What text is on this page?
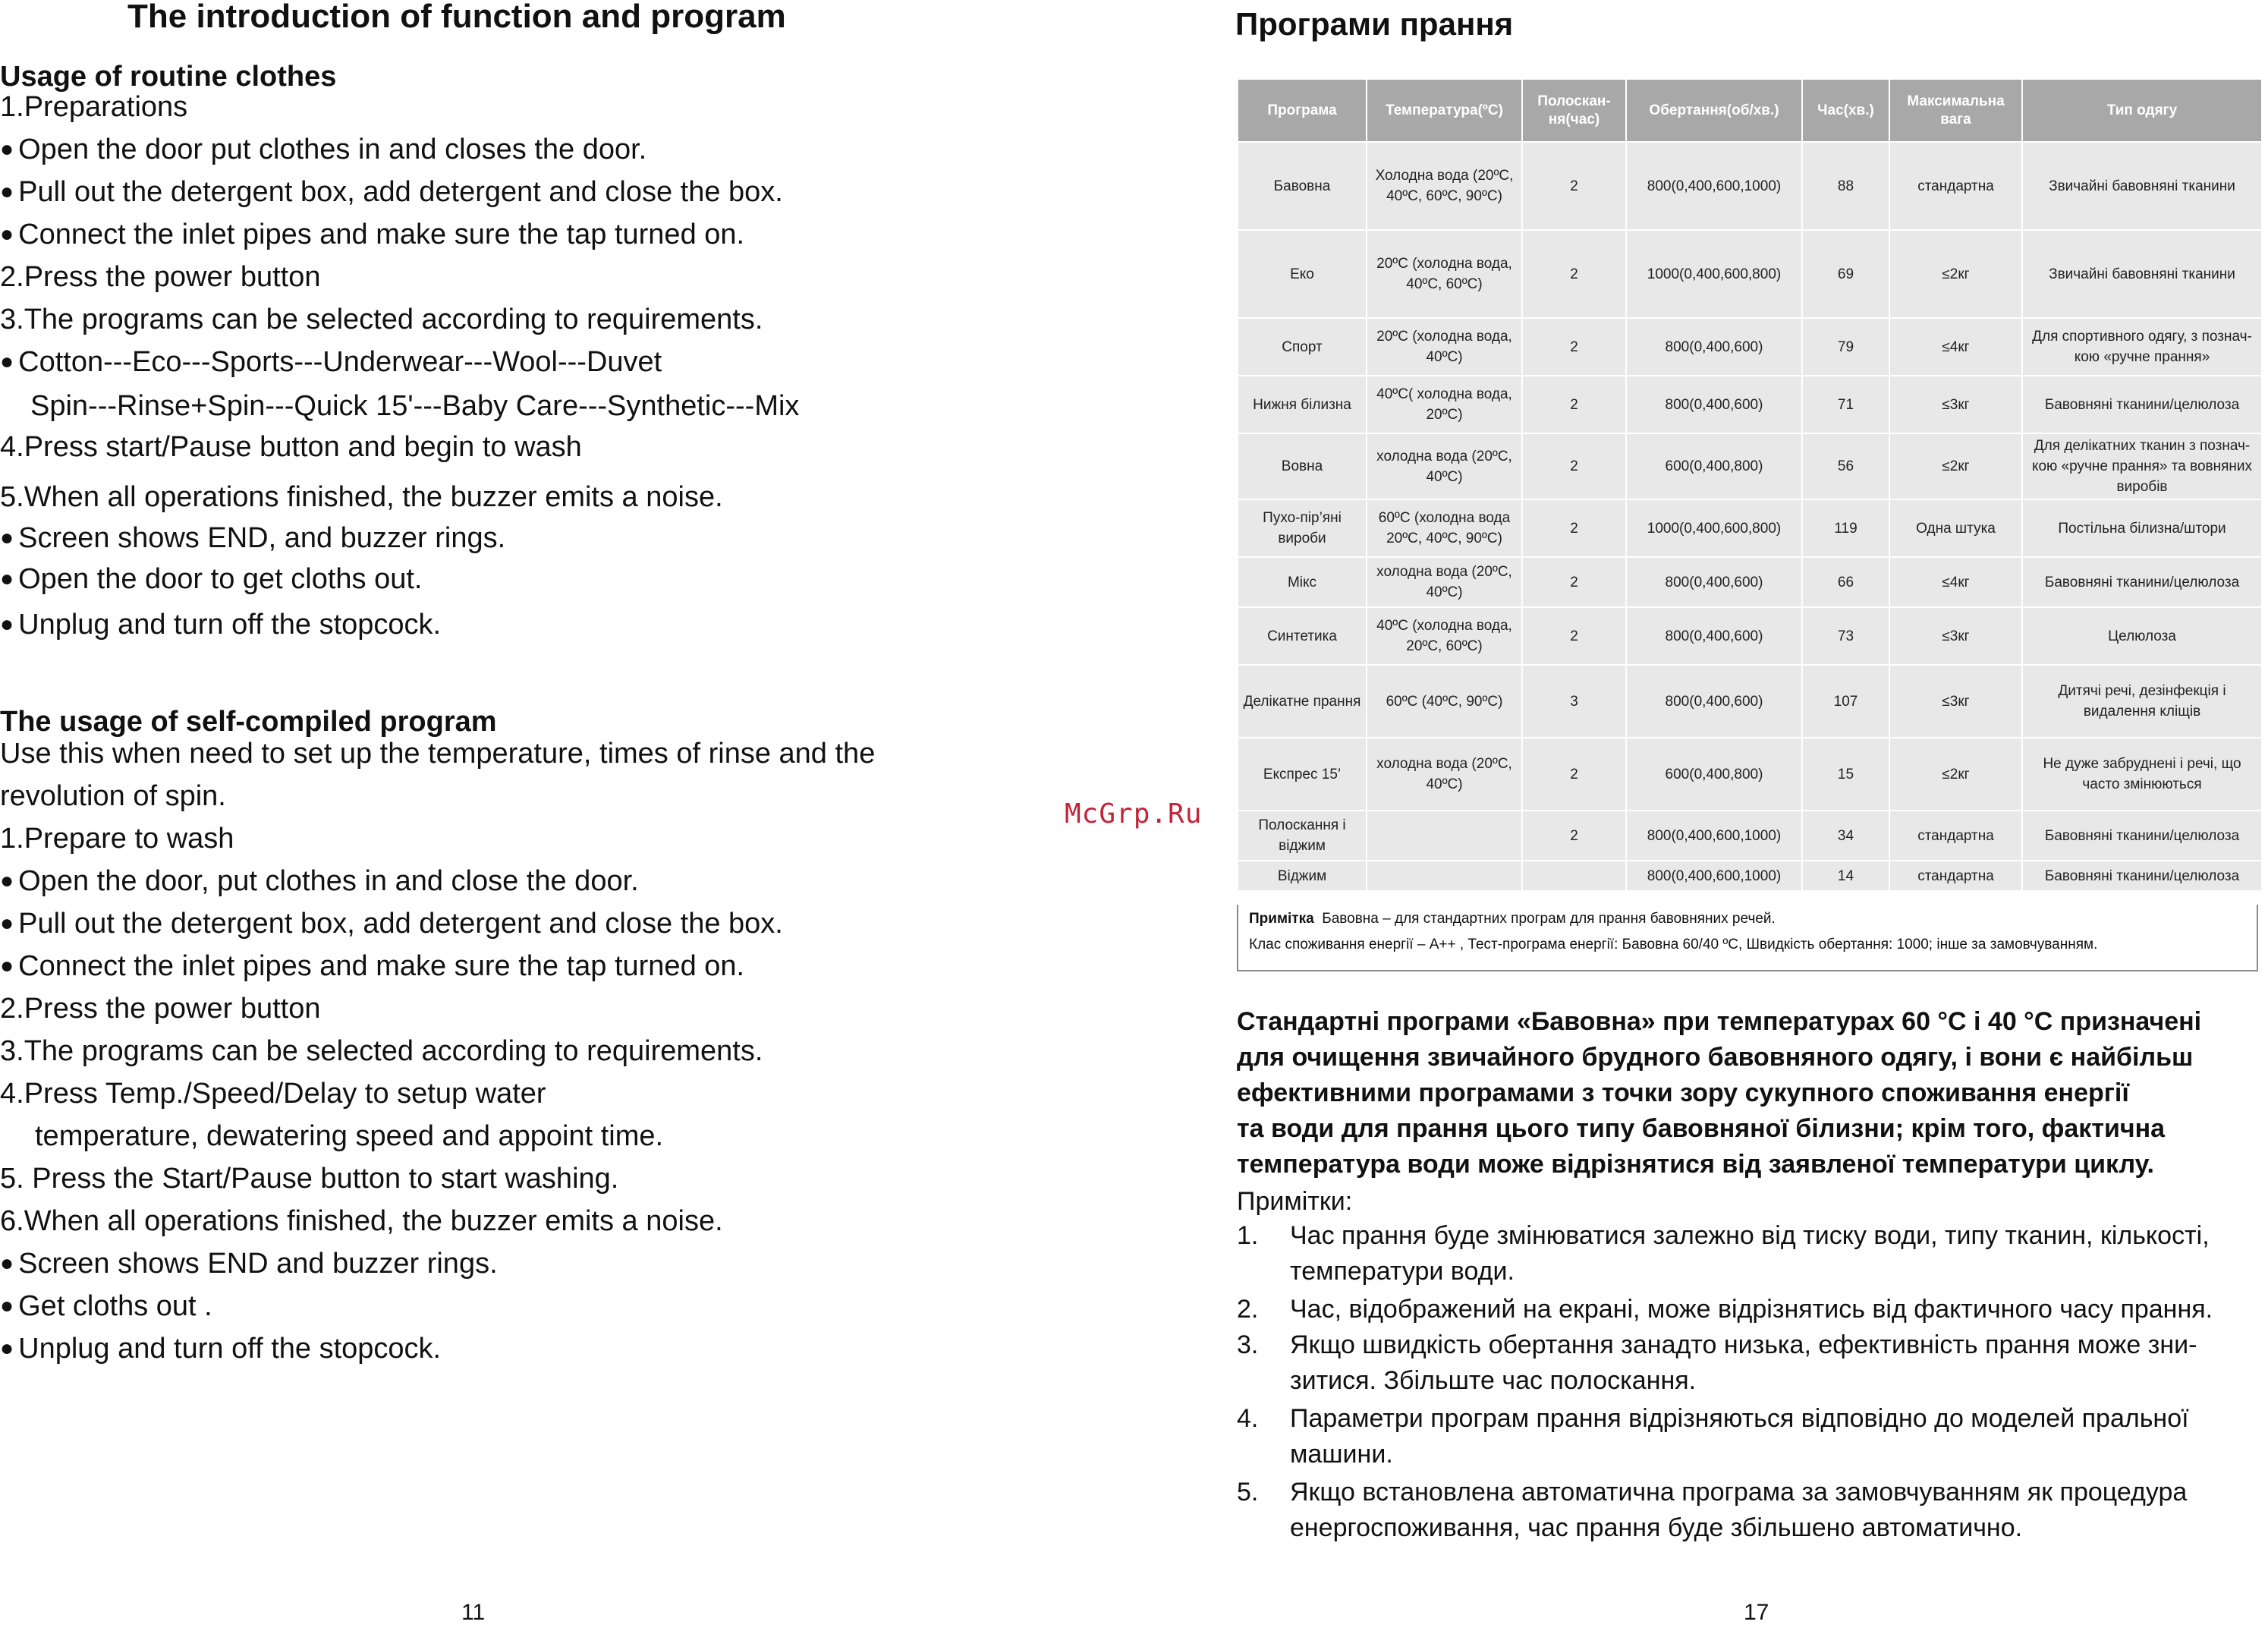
The introduction of function and program
Usage of routine clothes
1.Preparations
● Open the door put clothes in and closes the door.
● Pull out the detergent box, add detergent and close the box.
● Connect the inlet pipes and make sure the tap turned on.
2.Press the power button
3.The programs can be selected according to requirements.
● Cotton---Eco---Sports---Underwear---Wool---Duvet
Spin---Rinse+Spin---Quick 15'---Baby Care---Synthetic---Mix
4.Press start/Pause button and begin to wash
5.When all operations finished, the buzzer emits a noise.
● Screen shows END, and buzzer rings.
● Open the door to get cloths out.
● Unplug and turn off the stopcock.
The usage of self-compiled program
Use this when need to set up the temperature, times of rinse and the
revolution of spin.
1.Prepare to wash
● Open the door, put clothes in and close the door.
● Pull out the detergent box, add detergent and close the box.
● Connect the inlet pipes and make sure the tap turned on.
2.Press the power button
3.The programs can be selected according to requirements.
4.Press Temp./Speed/Delay to setup water
temperature, dewatering speed and appoint time.
5. Press the Start/Pause button to start washing.
6.When all operations finished, the buzzer emits a noise.
● Screen shows END and buzzer rings.
● Get cloths out .
● Unplug and turn off the stopcock.
11
McGrp.Ru
Програми прання
Програма	Температура(ºC)	Полоскан-ня(час)	Обертання(об/хв.)	Час(хв.)	Максимальна вага	Тип одягу
Бавовна	Холодна вода (20ºC, 40ºC, 60ºC, 90ºC)	2	800(0,400,600,1000)	88	стандартна	Звичайні бавовняні тканини
Еко	20ºC (холодна вода, 40ºC, 60ºC)	2	1000(0,400,600,800)	69	≤2кг	Звичайні бавовняні тканини
Спорт	20ºC (холодна вода, 40ºC)	2	800(0,400,600)	79	≤4кг	Для спортивного одягу, з познач-кою «ручне прання»
Нижня білизна	40ºC( холодна вода, 20ºC)	2	800(0,400,600)	71	≤3кг	Бавовняні тканини/целюлоза
Вовна	холодна вода (20ºC, 40ºC)	2	600(0,400,800)	56	≤2кг	Для делікатних тканин з познач-кою «ручне прання» та вовняних виробів
Пухо-пір’яні вироби	60ºC (холодна вода 20ºC, 40ºC, 90ºC)	2	1000(0,400,600,800)	119	Одна штука	Постільна білизна/штори
Мікс	холодна вода (20ºC, 40ºC)	2	800(0,400,600)	66	≤4кг	Бавовняні тканини/целюлоза
Синтетика	40ºC (холодна вода, 20ºC, 60ºC)	2	800(0,400,600)	73	≤3кг	Целюлоза
Делікатне прання	60ºC (40ºC, 90ºC)	3	800(0,400,600)	107	≤3кг	Дитячі речі, дезінфекція і видалення кліщів
Експрес 15’	холодна вода (20ºC, 40ºC)	2	600(0,400,800)	15	≤2кг	Не дуже забруднені і речі, що часто змінюються
Полоскання і віджим		2	800(0,400,600,1000)	34	стандартна	Бавовняні тканини/целюлоза
Віджим			800(0,400,600,1000)	14	стандартна	Бавовняні тканини/целюлоза
Примітка Бавовна – для стандартних програм для прання бавовняних речей.
Клас споживання енергії – А++ , Тест-програма енергії: Бавовна 60/40 ºC, Швидкість обертання: 1000; інше за замовчуванням.
Стандартні програми «Бавовна» при температурах 60 °C і 40 °C призначені
для очищення звичайного брудного бавовняного одягу, і вони є найбільш
ефективними програмами з точки зору сукупного споживання енергії
та води для прання цього типу бавовняної білизни; крім того, фактична
температура води може відрізнятися від заявленої температури циклу.
Примітки:
1. Час прання буде змінюватися залежно від тиску води, типу тканин, кількості,
температури води.
2. Час, відображений на екрані, може відрізнятись від фактичного часу прання.
3. Якщо швидкість обертання занадто низька, ефективність прання може зни-
зитися. Збільште час полоскання.
4. Параметри програм прання відрізняються відповідно до моделей пральної
машини.
5. Якщо встановлена автоматична програма за замовчуванням як процедура
енергоспоживання, час прання буде збільшено автоматично.
17
